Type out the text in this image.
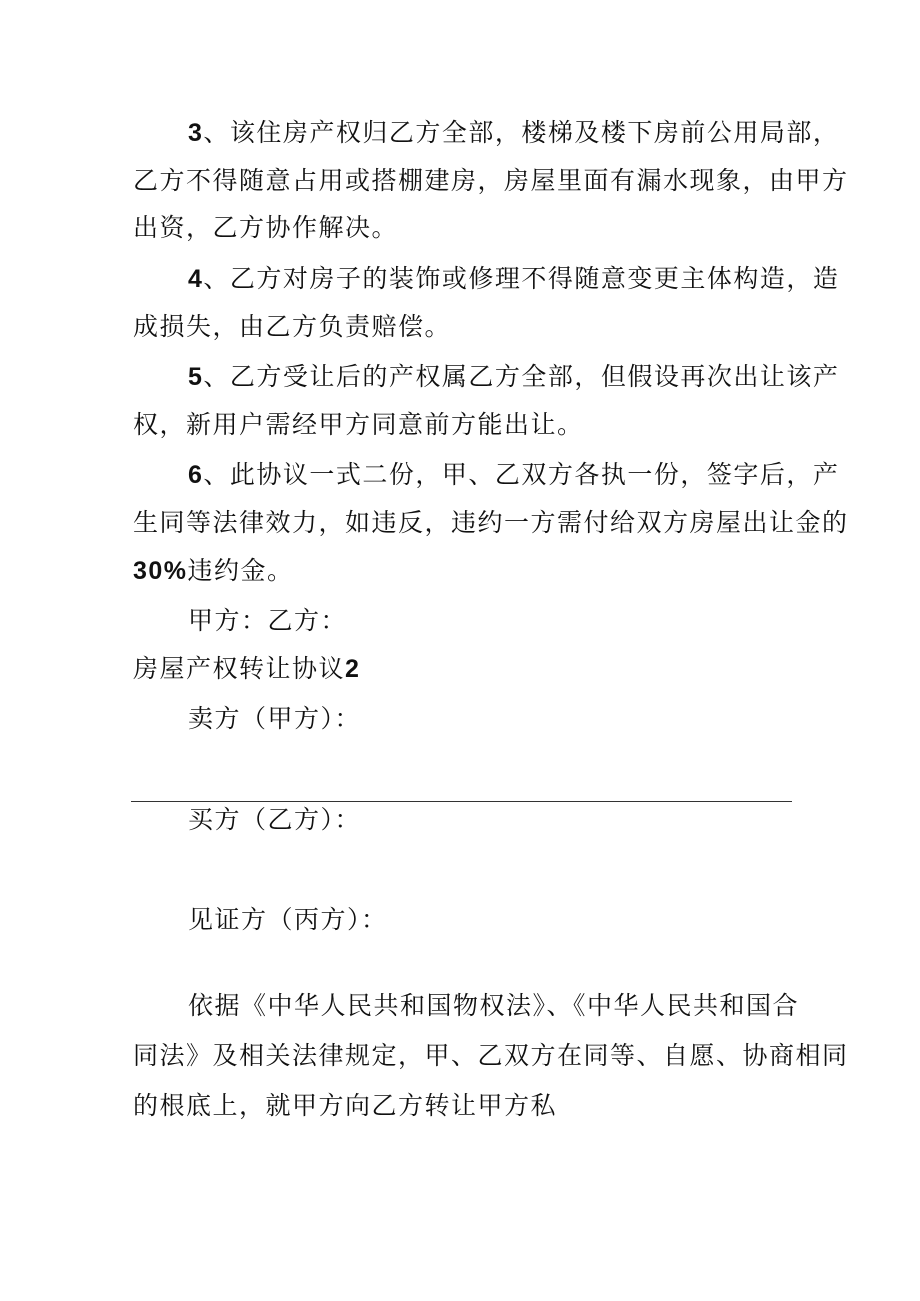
3、该住房产权归乙方全部，楼梯及楼下房前公用局部，
乙方不得随意占用或搭棚建房，房屋里面有漏水现象，由甲方
出资，乙方协作解决。
4、乙方对房子的装饰或修理不得随意变更主体构造，造
成损失，由乙方负责赔偿。
5、乙方受让后的产权属乙方全部，但假设再次出让该产
权，新用户需经甲方同意前方能出让。
6、此协议一式二份，甲、乙双方各执一份，签字后，产
生同等法律效力，如违反，违约一方需付给双方房屋出让金的
30%违约金。
甲方：乙方：
房屋产权转让协议2
卖方（甲方）：
买方（乙方）：
见证方（丙方）：
依据《中华人民共和国物权法》、《中华人民共和国合
同法》及相关法律规定，甲、乙双方在同等、自愿、协商相同
的根底上，就甲方向乙方转让甲方私
